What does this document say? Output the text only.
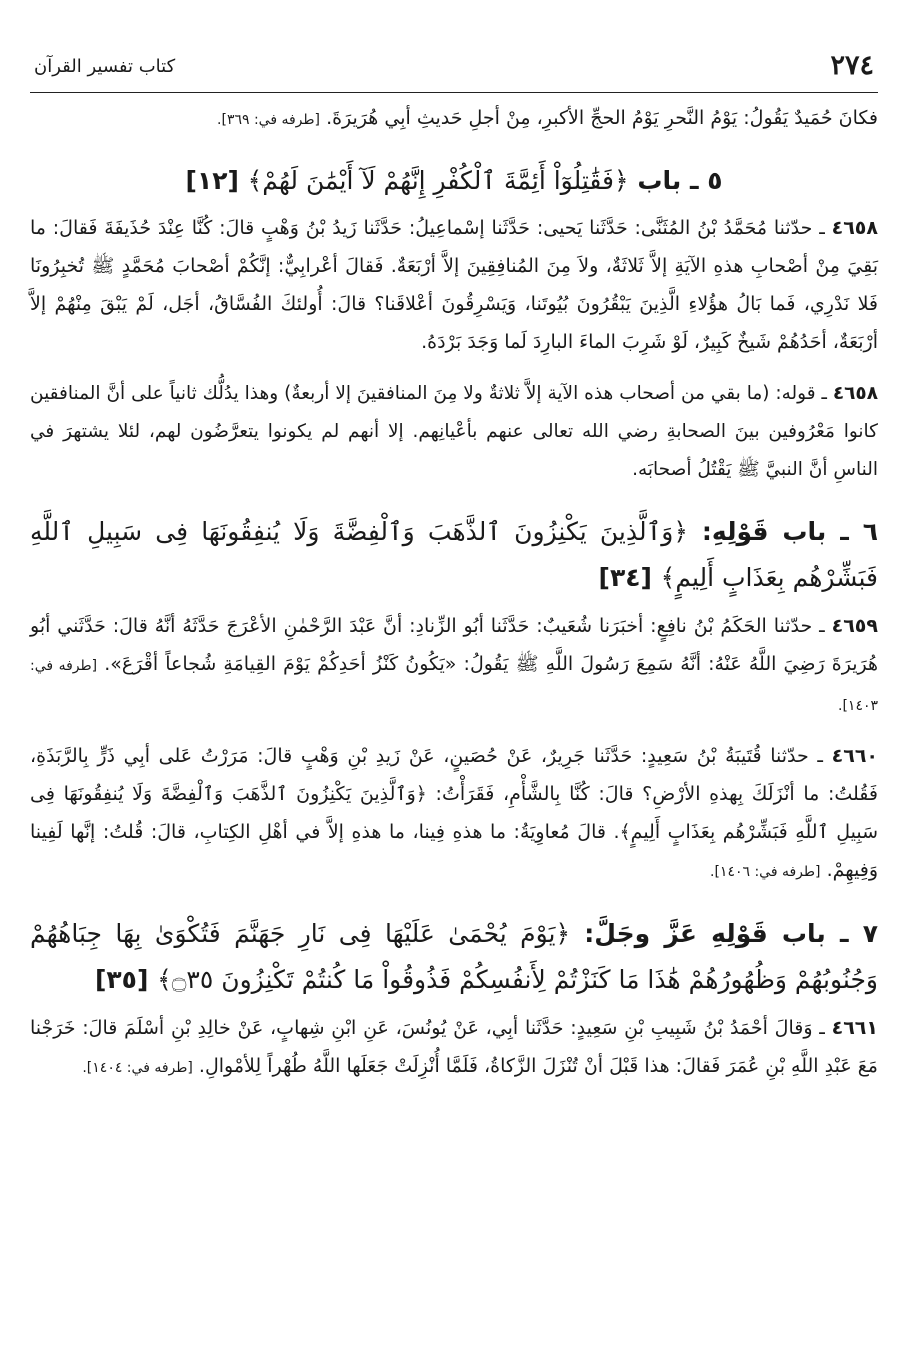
٢٧٤
كتاب تفسير القرآن

فكانَ حُمَيدٌ يَقُولُ: يَوْمُ النَّحرِ يَوْمُ الحجِّ الأكبرِ، مِنْ أجلِ حَديثِ أبِي هُرَيرَةَ. [طرفه في: ٣٦٩].

٥ ـ باب ﴿فَقَٰتِلُوٓاْ أَئِمَّةَ ٱلْكُفْرِ إِنَّهُمْ لَآ أَيْمَٰنَ لَهُمْ﴾ [١٢]

٤٦٥٨ ـ حدّثنا مُحَمَّدُ بْنُ المُثَنَّى: حَدَّثَنا يَحيى: حَدَّثَنا إسْماعِيلُ: حَدَّثَنا زَيدُ بْنُ وَهْبٍ قالَ: كُنَّا عِنْدَ حُذَيفَةَ فَقالَ: ما بَقِيَ مِنْ أصْحابِ هذهِ الآيَةِ إلاَّ ثَلاثَةٌ، ولاَ مِنَ المُنافِقِينَ إلاَّ أرْبَعَةٌ. فَقالَ أعْرابِيٌّ: إنَّكُمْ أصْحابَ مُحَمَّدٍ ﷺ تُخبِرُونَا فَلا نَدْرِي، فَما بَالُ هؤُلاءِ الَّذِينَ يَبْقُرُونَ بُيُوتَنا، وَيَسْرِقُونَ أعْلاقَنا؟ قالَ: أُولئكَ الفُسَّاقُ، أجَل، لَمْ يَبْقَ مِنْهُمْ إلاَّ أرْبَعَةٌ، أحَدُهُمْ شَيخٌ كَبِيرٌ، لَوْ شَرِبَ الماءَ البارِدَ لَما وَجَدَ بَرْدَهُ.

٤٦٥٨ ـ قوله: (ما بقي من أصحاب هذه الآية إلاَّ ثلاثةٌ ولا مِنَ المنافقينَ إلا أربعةٌ) وهذا يدُلُّك ثانياً على أنَّ المنافقين كانوا مَعْرُوفين بينَ الصحابةِ رضي الله تعالى عنهم بأعْيانِهم. إلا أنهم لم يكونوا يتعرَّضُون لهم، لئلا يشتهرَ في الناسِ أنَّ النبيَّ ﷺ يَقْتُلُ أصحابَه.

٦ ـ باب قَوْلِهِ: ﴿وَٱلَّذِينَ يَكْنِزُونَ ٱلذَّهَبَ وَٱلْفِضَّةَ وَلَا يُنفِقُونَهَا فِى سَبِيلِ ٱللَّهِ فَبَشِّرْهُم بِعَذَابٍ أَلِيمٍ﴾ [٣٤]

٤٦٥٩ ـ حدّثنا الحَكَمُ بْنُ نافِعٍ: أخبَرَنا شُعَيبٌ: حَدَّثَنا أبُو الزِّنادِ: أنَّ عَبْدَ الرَّحْمٰنِ الأعْرَجَ حَدَّثَهُ أنَّهُ قالَ: حَدَّثَني أبُو هُرَيرَةَ رَضِيَ اللَّهُ عَنْهُ: أنَّهُ سَمِعَ رَسُولَ اللَّهِ ﷺ يَقُولُ: «يَكُونُ كَنْزُ أحَدِكُمْ يَوْمَ القِيامَةِ شُجاعاً أقْرَعَ». [طرفه في: ١٤٠٣].

٤٦٦٠ ـ حدّثنا قُتَيبَةُ بْنُ سَعِيدٍ: حَدَّثَنا جَرِيرٌ، عَنْ حُصَينٍ، عَنْ زَيدِ بْنِ وَهْبٍ قالَ: مَرَرْتُ عَلى أبِي ذَرٍّ بِالرَّبَذَةِ، فَقُلتُ: ما أنْزَلَكَ بِهذهِ الأرْضِ؟ قالَ: كُنَّا بِالشَّأْمِ، فَقَرَأْتُ: ﴿وَٱلَّذِينَ يَكْنِزُونَ ٱلذَّهَبَ وَٱلْفِضَّةَ وَلَا يُنفِقُونَهَا فِى سَبِيلِ ٱللَّهِ فَبَشِّرْهُم بِعَذَابٍ أَلِيمٍ﴾. قالَ مُعاوِيَةُ: ما هذهِ فِينا، ما هذهِ إلاَّ في أهْلِ الكِتابِ، قالَ: قُلتُ: إنَّها لَفِينا وَفِيهِمْ. [طرفه في: ١٤٠٦].

٧ ـ باب قَوْلِهِ عَزَّ وجَلَّ: ﴿يَوْمَ يُحْمَىٰ عَلَيْهَا فِى نَارِ جَهَنَّمَ فَتُكْوَىٰ بِهَا جِبَاهُهُمْ وَجُنُوبُهُمْ وَظُهُورُهُمْ هَٰذَا مَا كَنَزْتُمْ لِأَنفُسِكُمْ فَذُوقُواْ مَا كُنتُمْ تَكْنِزُونَ ۝٣٥﴾ [٣٥]

٤٦٦١ ـ وَقالَ أحْمَدُ بْنُ شَبِيبِ بْنِ سَعِيدٍ: حَدَّثَنا أبِي، عَنْ يُونُسَ، عَنِ ابْنِ شِهابٍ، عَنْ خالِدِ بْنِ أسْلَمَ قالَ: خَرَجْنا مَعَ عَبْدِ اللَّهِ بْنِ عُمَرَ فَقالَ: هذا قَبْلَ أنْ تُنْزَلَ الزَّكاةُ، فَلَمَّا أُنْزِلَتْ جَعَلَها اللَّهُ طُهْراً لِلأمْوالِ. [طرفه في: ١٤٠٤].
